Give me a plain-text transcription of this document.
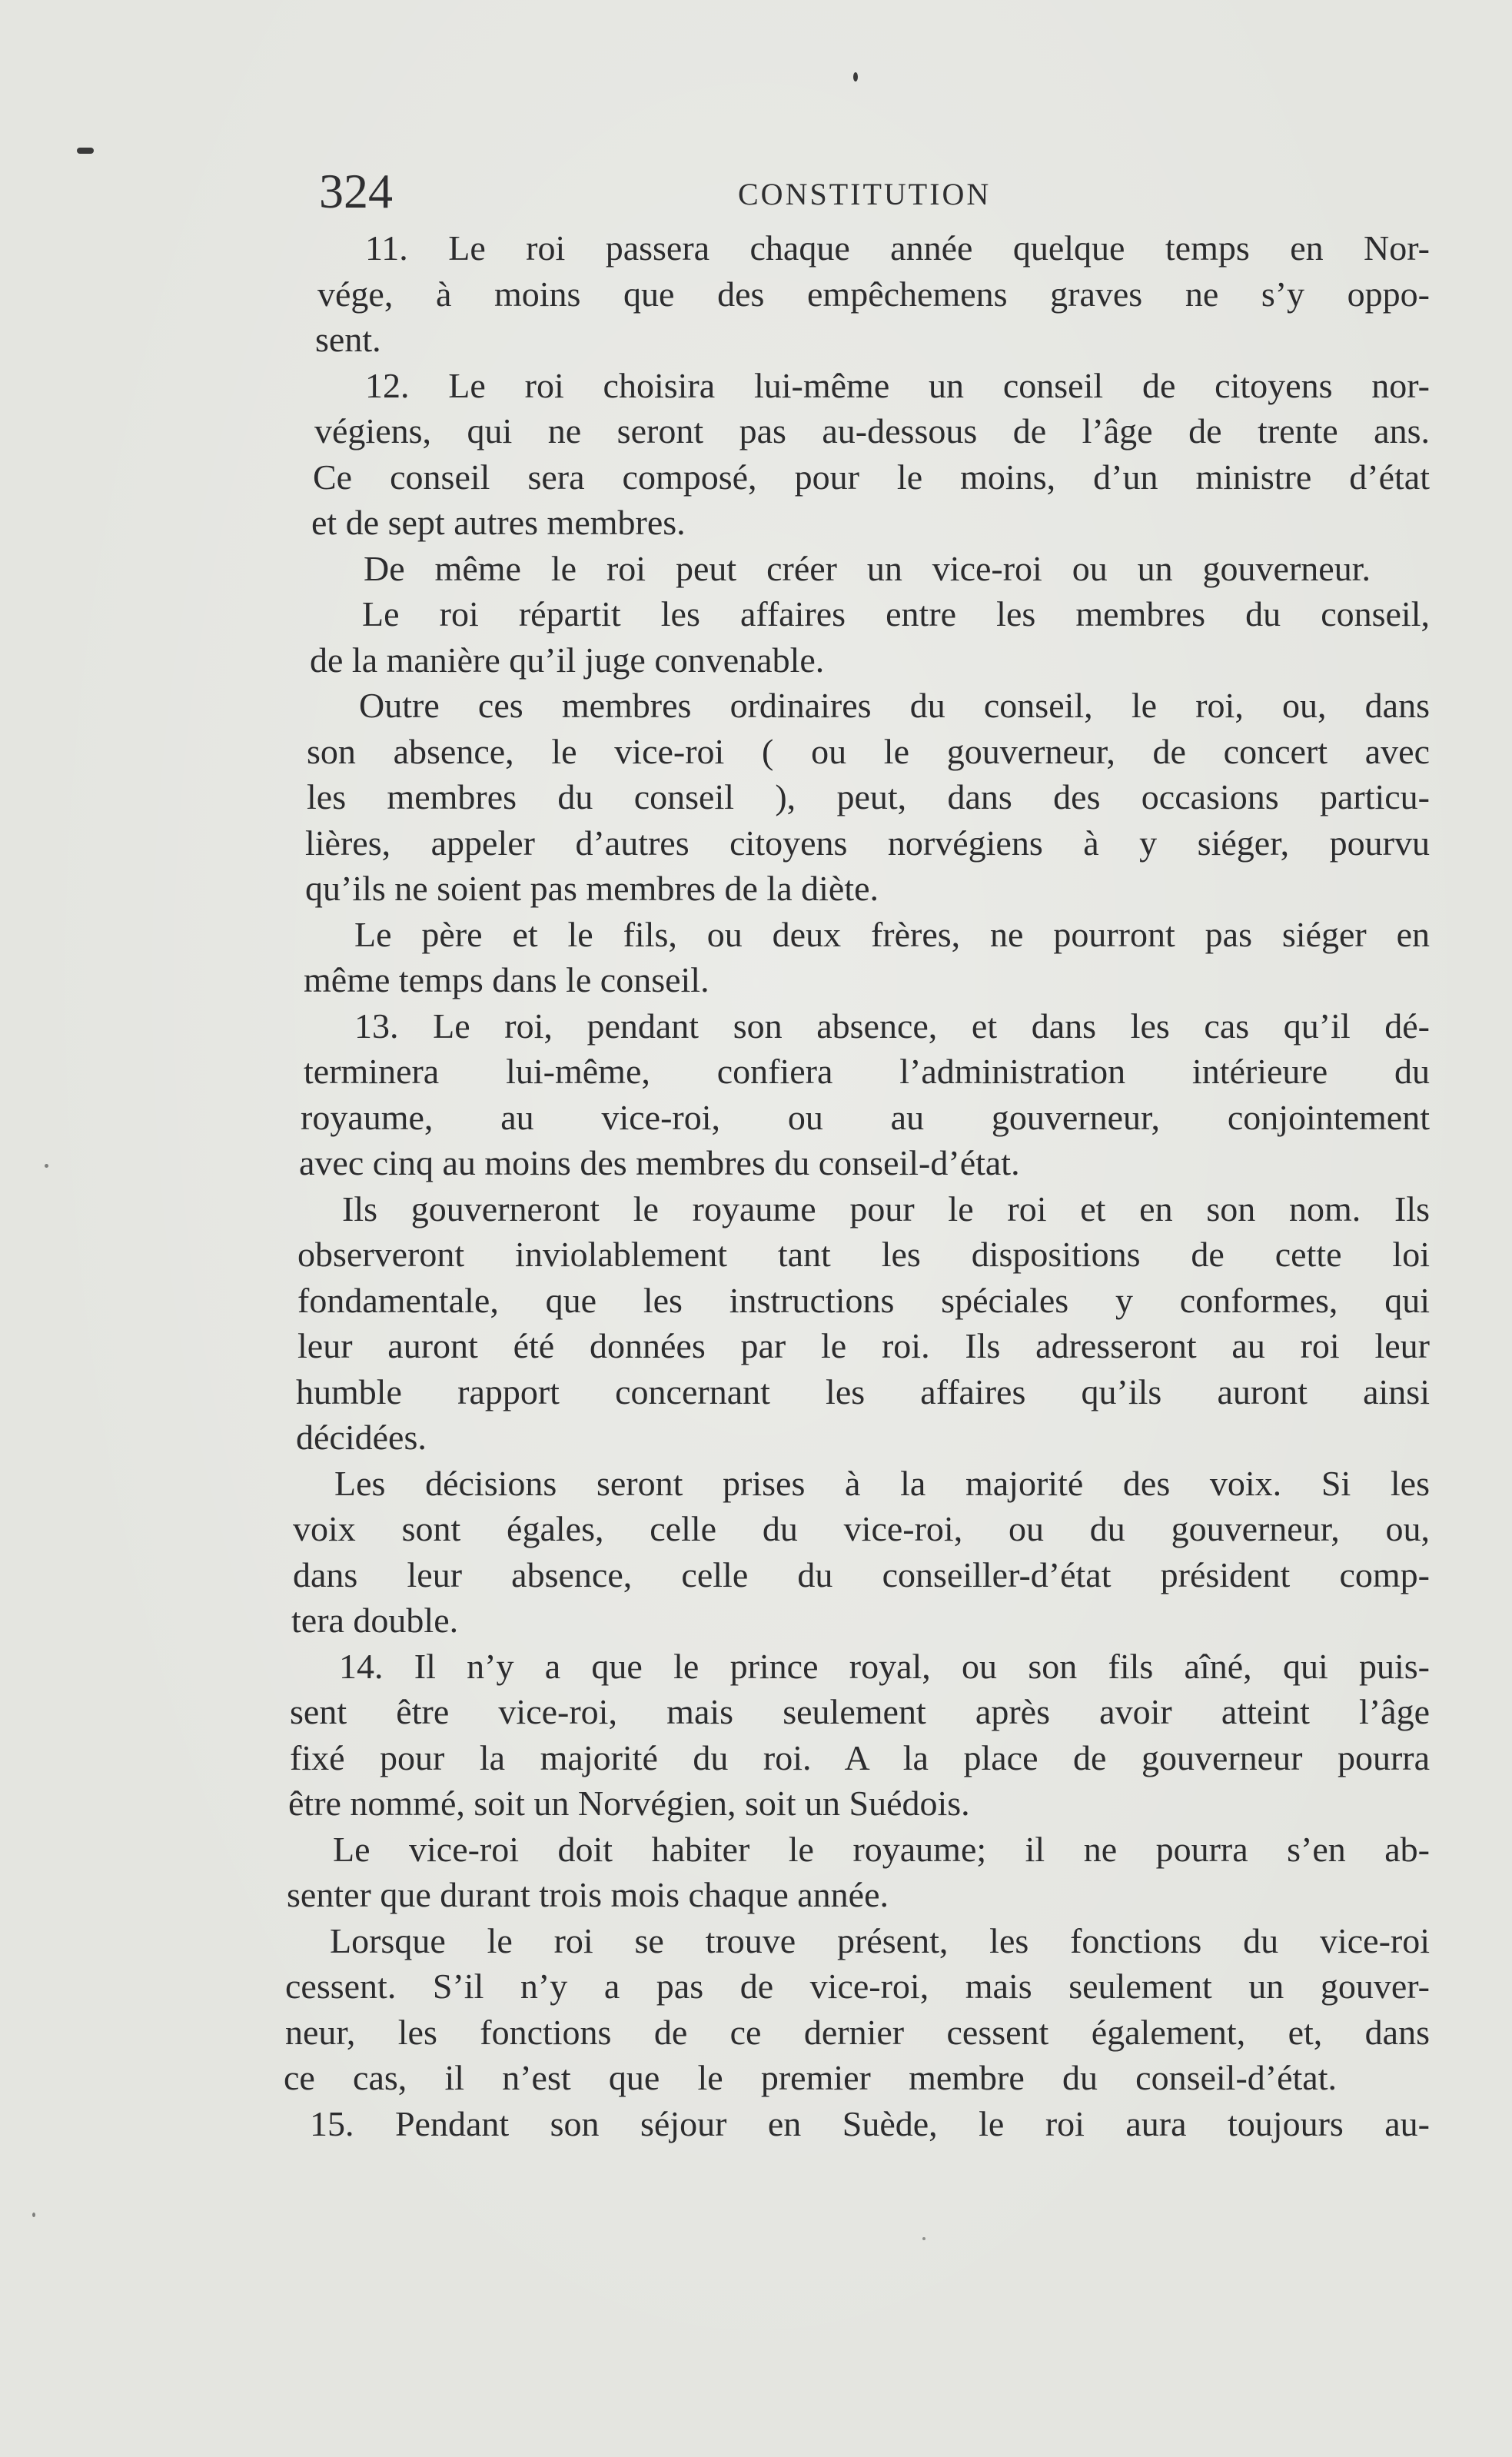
324	CONSTITUTION
11. Le roi passera chaque année quelque temps en Nor-
vége, à moins que des empêchemens graves ne s’y oppo-
sent.
12. Le roi choisira lui-même un conseil de citoyens nor-
végiens, qui ne seront pas au-dessous de l’âge de trente ans.
Ce conseil sera composé, pour le moins, d’un ministre d’état
et de sept autres membres.
De même le roi peut créer un vice-roi ou un gouverneur.
Le roi répartit les affaires entre les membres du conseil,
de la manière qu’il juge convenable.
Outre ces membres ordinaires du conseil, le roi, ou, dans
son absence, le vice-roi ( ou le gouverneur, de concert avec
les membres du conseil ), peut, dans des occasions particu-
lières, appeler d’autres citoyens norvégiens à y siéger, pourvu
qu’ils ne soient pas membres de la diète.
Le père et le fils, ou deux frères, ne pourront pas siéger en
même temps dans le conseil.
13. Le roi, pendant son absence, et dans les cas qu’il dé-
terminera lui-même, confiera l’administration intérieure du
royaume, au vice-roi, ou au gouverneur, conjointement
avec cinq au moins des membres du conseil-d’état.
Ils gouverneront le royaume pour le roi et en son nom. Ils
observeront inviolablement tant les dispositions de cette loi
fondamentale, que les instructions spéciales y conformes, qui
leur auront été données par le roi. Ils adresseront au roi leur
humble rapport concernant les affaires qu’ils auront ainsi
décidées.
Les décisions seront prises à la majorité des voix. Si les
voix sont égales, celle du vice-roi, ou du gouverneur, ou,
dans leur absence, celle du conseiller-d’état président comp-
tera double.
14. Il n’y a que le prince royal, ou son fils aîné, qui puis-
sent être vice-roi, mais seulement après avoir atteint l’âge
fixé pour la majorité du roi. A la place de gouverneur pourra
être nommé, soit un Norvégien, soit un Suédois.
Le vice-roi doit habiter le royaume; il ne pourra s’en ab-
senter que durant trois mois chaque année.
Lorsque le roi se trouve présent, les fonctions du vice-roi
cessent. S’il n’y a pas de vice-roi, mais seulement un gouver-
neur, les fonctions de ce dernier cessent également, et, dans
ce cas, il n’est que le premier membre du conseil-d’état.
15. Pendant son séjour en Suède, le roi aura toujours au-
